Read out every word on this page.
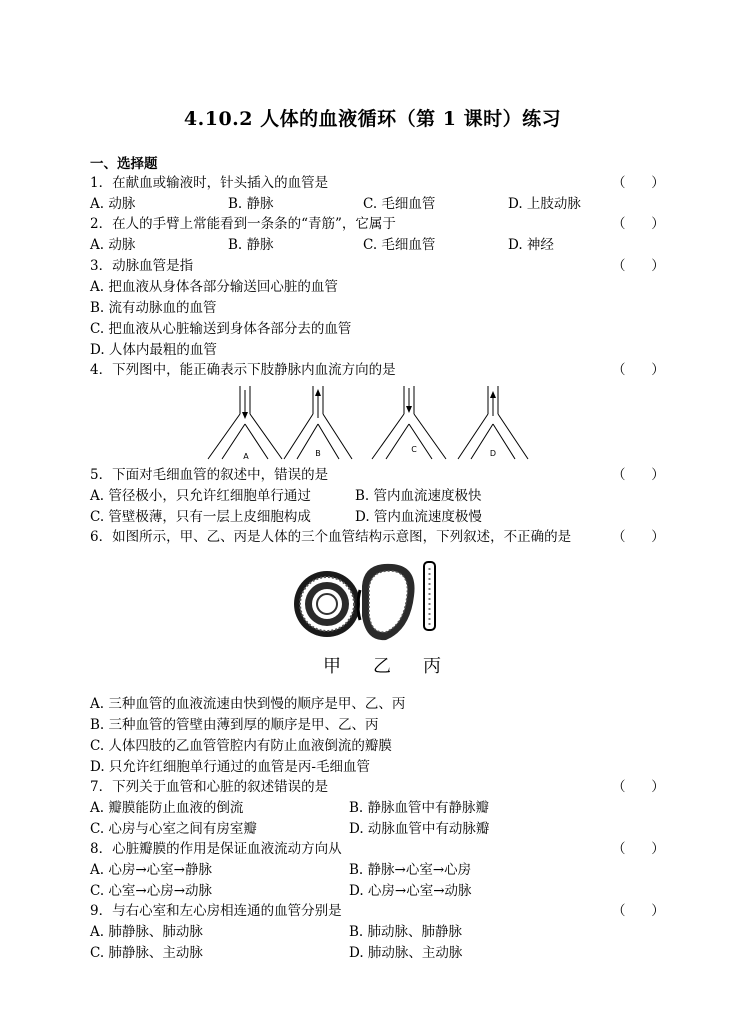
4.10.2 人体的血液循环（第 1 课时）练习
一、选择题
1．在献血或输液时，针头插入的血管是	（      ）
A. 动脉	B. 静脉	C. 毛细血管	D. 上肢动脉
2．在人的手臂上常能看到一条条的“青筋”，它属于	（      ）
A. 动脉	B. 静脉	C. 毛细血管	D. 神经
3．动脉血管是指	（      ）
A. 把血液从身体各部分输送回心脏的血管
B. 流有动脉血的血管
C. 把血液从心脏输送到身体各部分去的血管
D. 人体内最粗的血管
4．下列图中，能正确表示下肢静脉内血流方向的是	（      ）
A	B	C	D
5．下面对毛细血管的叙述中，错误的是	（      ）
A. 管径极小，只允许红细胞单行通过	B. 管内血流速度极快
C. 管壁极薄，只有一层上皮细胞构成	D. 管内血流速度极慢
6．如图所示，甲、乙、丙是人体的三个血管结构示意图，下列叙述，不正确的是	（      ）
甲 乙 丙
A. 三种血管的血液流速由快到慢的顺序是甲、乙、丙
B. 三种血管的管壁由薄到厚的顺序是甲、乙、丙
C. 人体四肢的乙血管管腔内有防止血液倒流的瓣膜
D. 只允许红细胞单行通过的血管是丙-毛细血管
7．下列关于血管和心脏的叙述错误的是	（      ）
A. 瓣膜能防止血液的倒流	B. 静脉血管中有静脉瓣
C. 心房与心室之间有房室瓣	D. 动脉血管中有动脉瓣
8．心脏瓣膜的作用是保证血液流动方向从	（      ）
A. 心房→心室→静脉	B. 静脉→心室→心房
C. 心室→心房→动脉	D. 心房→心室→动脉
9．与右心室和左心房相连通的血管分别是	（      ）
A. 肺静脉、肺动脉	B. 肺动脉、肺静脉
C. 肺静脉、主动脉	D. 肺动脉、主动脉
